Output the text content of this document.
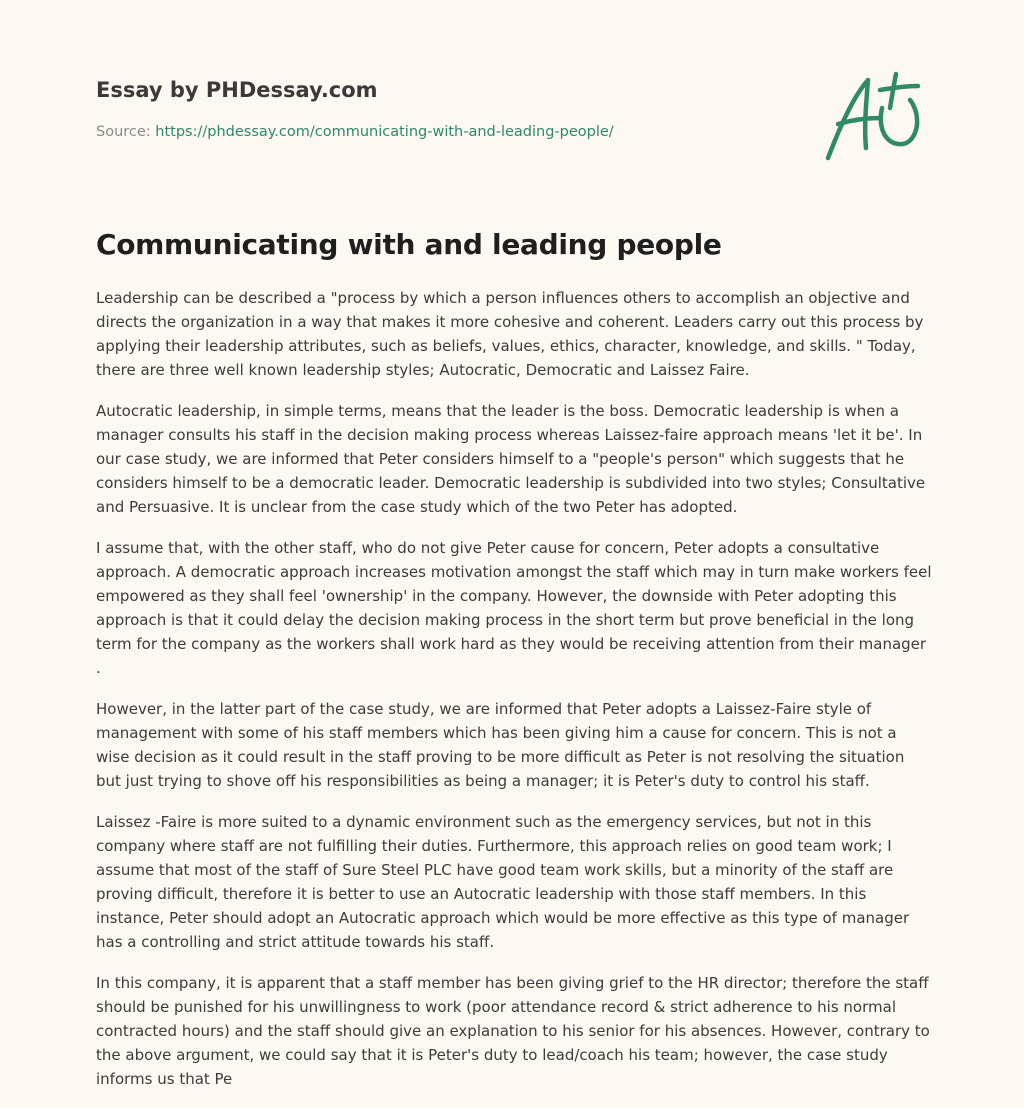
Essay by PHDessay.com
Source: https://phdessay.com/communicating-with-and-leading-people/
Communicating with and leading people

Leadership can be described a "process by which a person influences others to accomplish an objective and directs the organization in a way that makes it more cohesive and coherent. Leaders carry out this process by applying their leadership attributes, such as beliefs, values, ethics, character, knowledge, and skills. " Today, there are three well known leadership styles; Autocratic, Democratic and Laissez Faire.

Autocratic leadership, in simple terms, means that the leader is the boss. Democratic leadership is when a manager consults his staff in the decision making process whereas Laissez-faire approach means 'let it be'. In our case study, we are informed that Peter considers himself to a "people's person" which suggests that he considers himself to be a democratic leader. Democratic leadership is subdivided into two styles; Consultative and Persuasive. It is unclear from the case study which of the two Peter has adopted.

I assume that, with the other staff, who do not give Peter cause for concern, Peter adopts a consultative approach. A democratic approach increases motivation amongst the staff which may in turn make workers feel empowered as they shall feel 'ownership' in the company. However, the downside with Peter adopting this approach is that it could delay the decision making process in the short term but prove beneficial in the long term for the company as the workers shall work hard as they would be receiving attention from their manager .

However, in the latter part of the case study, we are informed that Peter adopts a Laissez-Faire style of management with some of his staff members which has been giving him a cause for concern. This is not a wise decision as it could result in the staff proving to be more difficult as Peter is not resolving the situation but just trying to shove off his responsibilities as being a manager; it is Peter's duty to control his staff.

Laissez -Faire is more suited to a dynamic environment such as the emergency services, but not in this company where staff are not fulfilling their duties. Furthermore, this approach relies on good team work; I assume that most of the staff of Sure Steel PLC have good team work skills, but a minority of the staff are proving difficult, therefore it is better to use an Autocratic leadership with those staff members. In this instance, Peter should adopt an Autocratic approach which would be more effective as this type of manager has a controlling and strict attitude towards his staff.

In this company, it is apparent that a staff member has been giving grief to the HR director; therefore the staff should be punished for his unwillingness to work (poor attendance record & strict adherence to his normal contracted hours) and the staff should give an explanation to his senior for his absences. However, contrary to the above argument, we could say that it is Peter's duty to lead/coach his team; however, the case study informs us that Pe
